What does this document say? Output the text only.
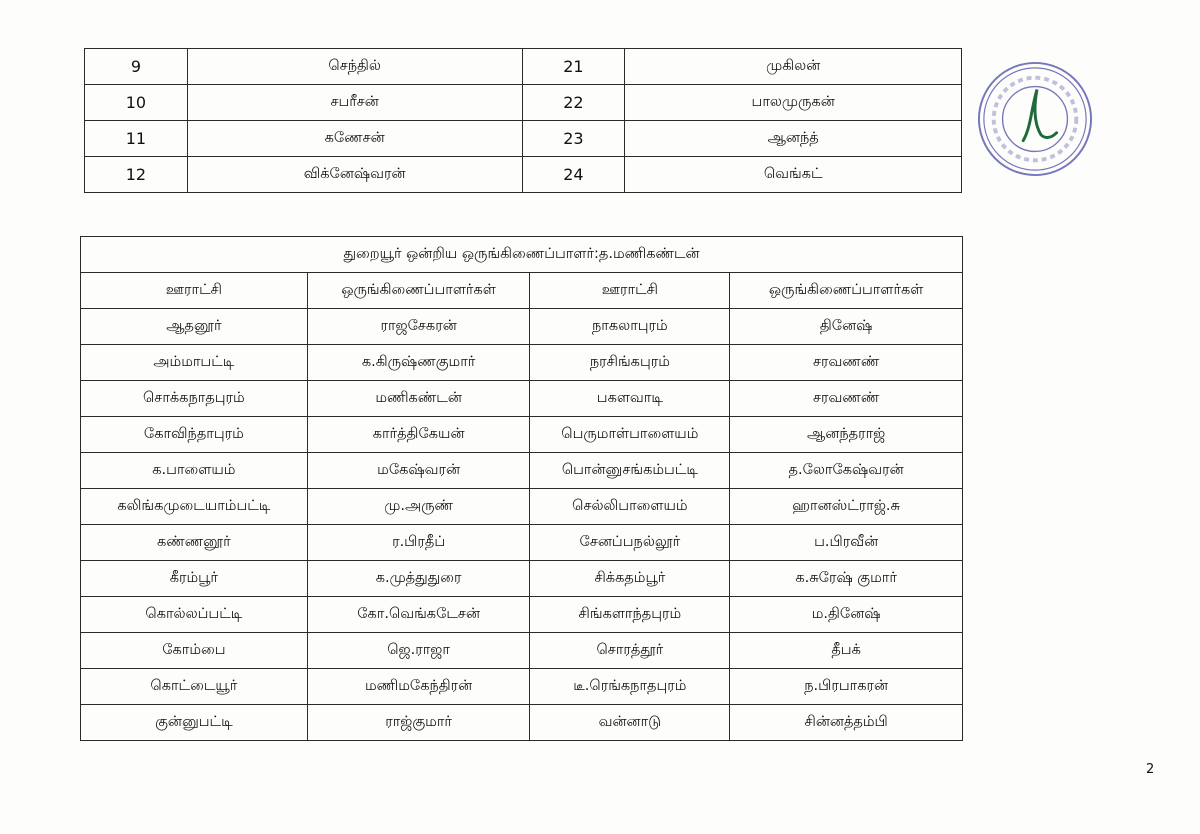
9	செந்தில்	21	முகிலன்
10	சபரீசன்	22	பாலமுருகன்
11	கணேசன்	23	ஆனந்த்
12	விக்னேஷ்வரன்	24	வெங்கட்
துறையூர் ஒன்றிய ஒருங்கிணைப்பாளர்:த.மணிகண்டன்			
ஊராட்சி	ஒருங்கிணைப்பாளர்கள்	ஊராட்சி	ஒருங்கிணைப்பாளர்கள்
ஆதனூர்	ராஜசேகரன்	நாகலாபுரம்	தினேஷ்
அம்மாபட்டி	க.கிருஷ்ணகுமார்	நரசிங்கபுரம்	சரவணண்
சொக்கநாதபுரம்	மணிகண்டன்	பகளவாடி	சரவணண்
கோவிந்தாபுரம்	கார்த்திகேயன்	பெருமாள்பாளையம்	ஆனந்தராஜ்
க.பாளையம்	மகேஷ்வரன்	பொன்னுசங்கம்பட்டி	த.லோகேஷ்வரன்
கலிங்கமுடையாம்பட்டி	மு.அருண்	செல்லிபாளையம்	ஹானஸ்ட்ராஜ்.சு
கண்ணனூர்	ர.பிரதீப்	சேனப்பநல்லூர்	ப.பிரவீன்
கீரம்பூர்	க.முத்துதுரை	சிக்கதம்பூர்	க.சுரேஷ் குமார்
கொல்லப்பட்டி	கோ.வெங்கடேசன்	சிங்களாந்தபுரம்	ம.தினேஷ்
கோம்பை	ஜெ.ராஜா	சொரத்தூர்	தீபக்
கொட்டையூர்	மணிமகேந்திரன்	டீ.ரெங்கநாதபுரம்	ந.பிரபாகரன்
குன்னுபட்டி	ராஜ்குமார்	வன்னாடு	சின்னத்தம்பி
2
